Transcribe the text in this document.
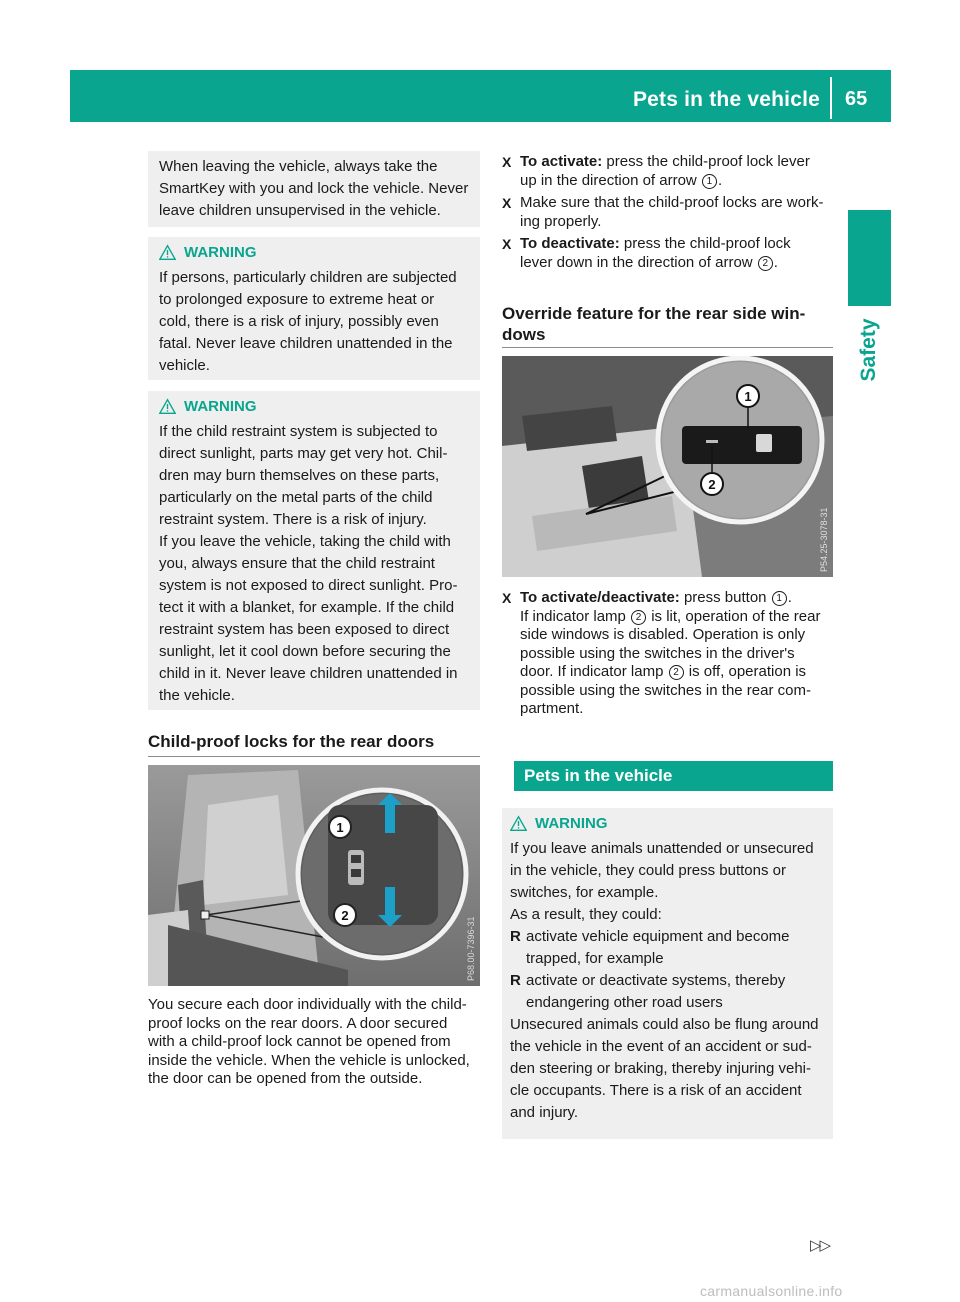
Pets in the vehicle 65
Safety

When leaving the vehicle, always take the

SmartKey with you and lock the vehicle. Never

leave children unsupervised in the vehicle.

WARNING

If persons, particularly children are subjected

to prolonged exposure to extreme heat or

cold, there is a risk of injury, possibly even

fatal. Never leave children unattended in the

vehicle.

WARNING

If the child restraint system is subjected to

direct sunlight, parts may get very hot. Chil-

dren may burn themselves on these parts,

particularly on the metal parts of the child

restraint system. There is a risk of injury.

If you leave the vehicle, taking the child with

you, always ensure that the child restraint

system is not exposed to direct sunlight. Pro-

tect it with a blanket, for example. If the child

restraint system has been exposed to direct

sunlight, let it cool down before securing the

child in it. Never leave children unattended in

the vehicle.

Child-proof locks for the rear doors
1
2
P68.00-7396-31

You secure each door individually with the child-

proof locks on the rear doors. A door secured

with a child-proof lock cannot be opened from

inside the vehicle. When the vehicle is unlocked,

the door can be opened from the outside.

X To activate: press the child-proof lock lever
up in the direction of arrow 1 .
X Make sure that the child-proof locks are work-
ing properly.
X To deactivate: press the child-proof lock
lever down in the direction of arrow 2 .
Override feature for the rear side win-
dows
1
2
P54.25-3078-31
X To activate/deactivate: press button 1 .
If indicator lamp 2 is lit, operation of the rear
side windows is disabled. Operation is only
possible using the switches in the driver's
door. If indicator lamp 2 is off, operation is
possible using the switches in the rear com-
partment.
Pets in the vehicle
WARNING

If you leave animals unattended or unsecured

in the vehicle, they could press buttons or

switches, for example.

As a result, they could:

R activate vehicle equipment and become
trapped, for example
R activate or deactivate systems, thereby
endangering other road users

Unsecured animals could also be flung around

the vehicle in the event of an accident or sud-

den steering or braking, thereby injuring vehi-

cle occupants. There is a risk of an accident

and injury.

▷▷
carmanualsonline.info
